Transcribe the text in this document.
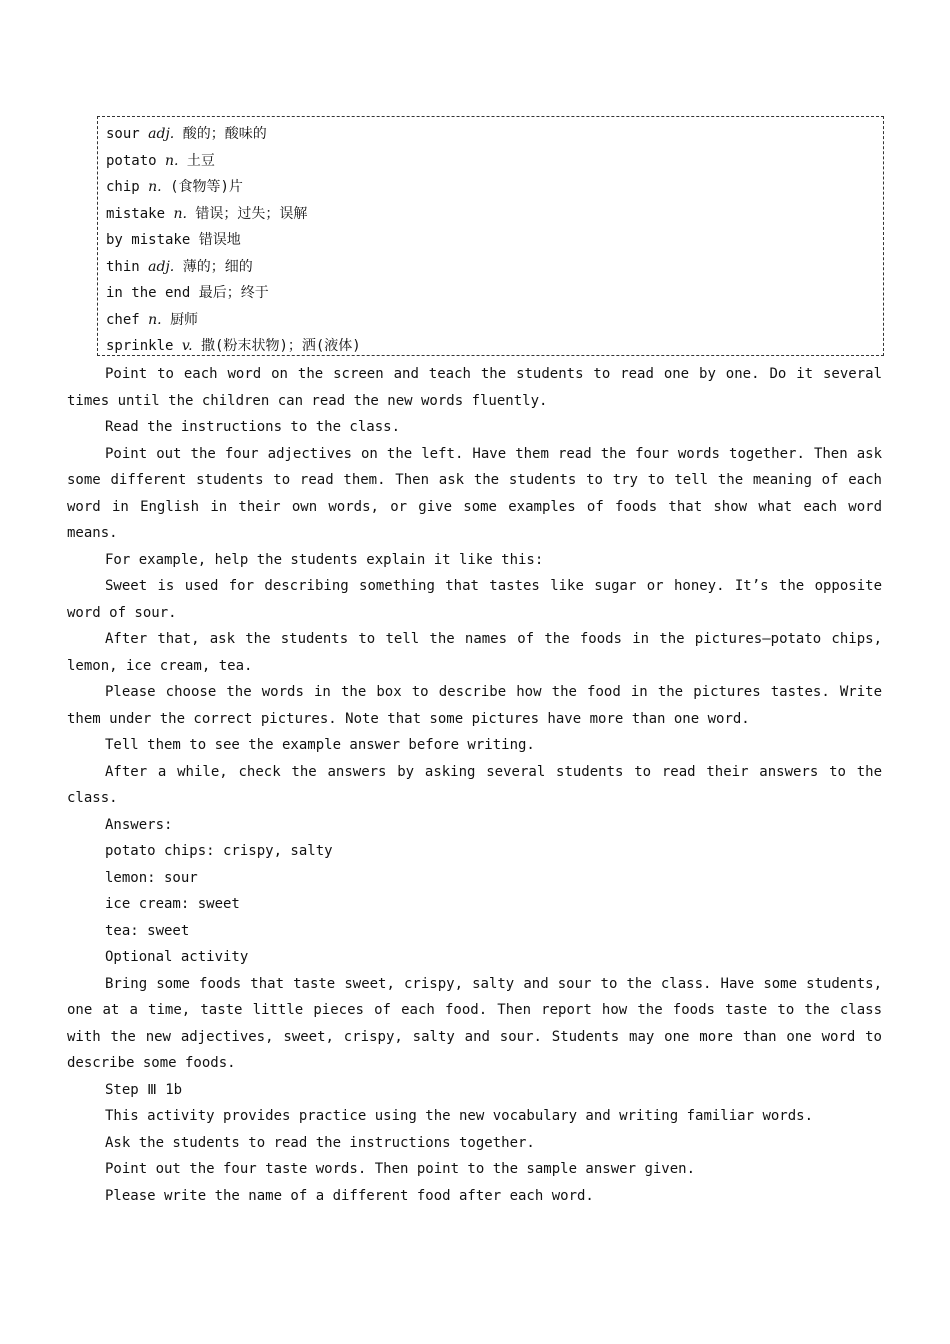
sour adj. 酸的；酸味的
potato n. 土豆
chip n. (食物等)片
mistake n. 错误；过失；误解
by mistake 错误地
thin adj. 薄的；细的
in the end 最后；终于
chef n. 厨师
sprinkle v. 撒(粉末状物)；洒(液体)

Point to each word on the screen and teach the students to read one by one. Do it several times until the children can read the new words fluently.

Read the instructions to the class.

Point out the four adjectives on the left. Have them read the four words together. Then ask some different students to read them. Then ask the students to try to tell the meaning of each word in English in their own words, or give some examples of foods that show what each word means.

For example, help the students explain it like this:

Sweet is used for describing something that tastes like sugar or honey. It’s the opposite word of sour.

After that, ask the students to tell the names of the foods in the pictures—potato chips, lemon, ice cream, tea.

Please choose the words in the box to describe how the food in the pictures tastes. Write them under the correct pictures. Note that some pictures have more than one word.

Tell them to see the example answer before writing.

After a while, check the answers by asking several students to read their answers to the class.

Answers:

potato chips: crispy, salty

lemon: sour

ice cream: sweet

tea: sweet

Optional activity

Bring some foods that taste sweet, crispy, salty and sour to the class. Have some students, one at a time, taste little pieces of each food. Then report how the foods taste to the class with the new adjectives, sweet, crispy, salty and sour. Students may one more than one word to describe some foods.

Step Ⅲ 1b

This activity provides practice using the new vocabulary and writing familiar words.

Ask the students to read the instructions together.

Point out the four taste words. Then point to the sample answer given.

Please write the name of a different food after each word.
